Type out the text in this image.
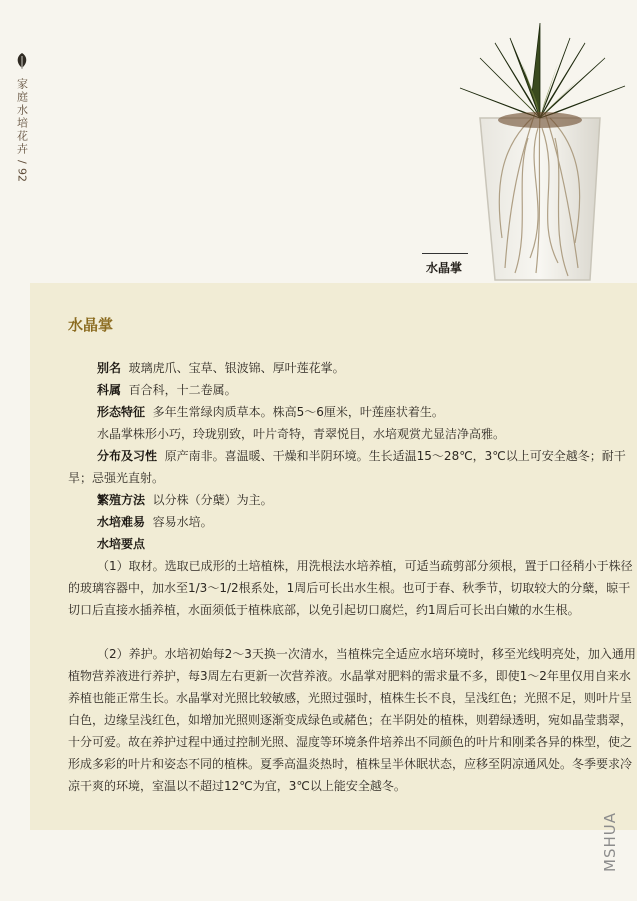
家庭水培花卉
/
92
水晶掌
水晶掌
别名 玻璃虎爪、宝草、银波锦、厚叶莲花掌。
科属 百合科，十二卷属。
形态特征 多年生常绿肉质草本。株高5～6厘米，叶莲座状着生。
水晶掌株形小巧，玲珑别致，叶片奇特，青翠悦目，水培观赏尤显洁净高雅。
分布及习性 原产南非。喜温暖、干燥和半阴环境。生长适温15～28℃，3℃以上可安全越冬；耐干旱；忌强光直射。
繁殖方法 以分株（分蘖）为主。
水培难易 容易水培。
水培要点
（1）取材。选取已成形的土培植株，用洗根法水培养植，可适当疏剪部分须根，置于口径稍小于株径的玻璃容器中，加水至1/3～1/2根系处，1周后可长出水生根。也可于春、秋季节，切取较大的分蘖，晾干切口后直接水插养植，水面须低于植株底部，以免引起切口腐烂，约1周后可长出白嫩的水生根。
（2）养护。水培初始每2～3天换一次清水，当植株完全适应水培环境时，移至光线明亮处，加入通用植物营养液进行养护，每3周左右更新一次营养液。水晶掌对肥料的需求量不多，即使1～2年里仅用自来水养植也能正常生长。水晶掌对光照比较敏感，光照过强时，植株生长不良，呈浅红色；光照不足，则叶片呈白色，边缘呈浅红色，如增加光照则逐渐变成绿色或赭色；在半阴处的植株，则碧绿透明，宛如晶莹翡翠，十分可爱。故在养护过程中通过控制光照、湿度等环境条件培养出不同颜色的叶片和刚柔各异的株型，使之形成多彩的叶片和姿态不同的植株。夏季高温炎热时，植株呈半休眠状态，应移至阴凉通风处。冬季要求冷凉干爽的环境，室温以不超过12℃为宜，3℃以上能安全越冬。
MSHUA
